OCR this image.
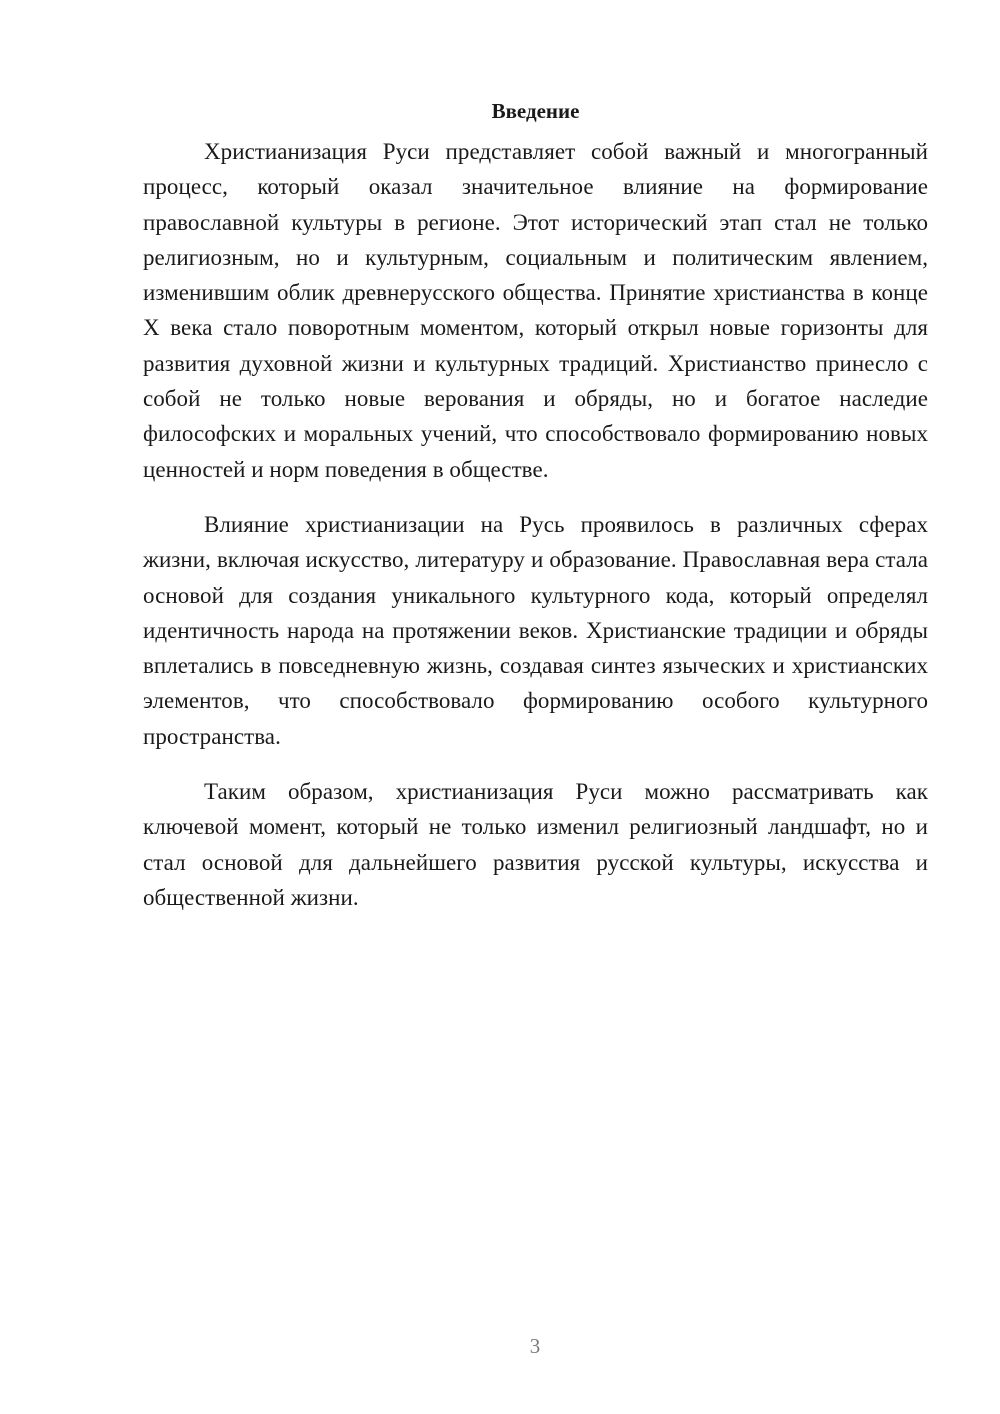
Введение

Христианизация Руси представляет собой важный и многогранный процесс, который оказал значительное влияние на формирование православной культуры в регионе. Этот исторический этап стал не только религиозным, но и культурным, социальным и политическим явлением, изменившим облик древнерусского общества. Принятие христианства в конце X века стало поворотным моментом, который открыл новые горизонты для развития духовной жизни и культурных традиций. Христианство принесло с собой не только новые верования и обряды, но и богатое наследие философских и моральных учений, что способствовало формированию новых ценностей и норм поведения в обществе.

Влияние христианизации на Русь проявилось в различных сферах жизни, включая искусство, литературу и образование. Православная вера стала основой для создания уникального культурного кода, который определял идентичность народа на протяжении веков. Христианские традиции и обряды вплетались в повседневную жизнь, создавая синтез языческих и христианских элементов, что способствовало формированию особого культурного пространства.

Таким образом, христианизация Руси можно рассматривать как ключевой момент, который не только изменил религиозный ландшафт, но и стал основой для дальнейшего развития русской культуры, искусства и общественной жизни.

3
